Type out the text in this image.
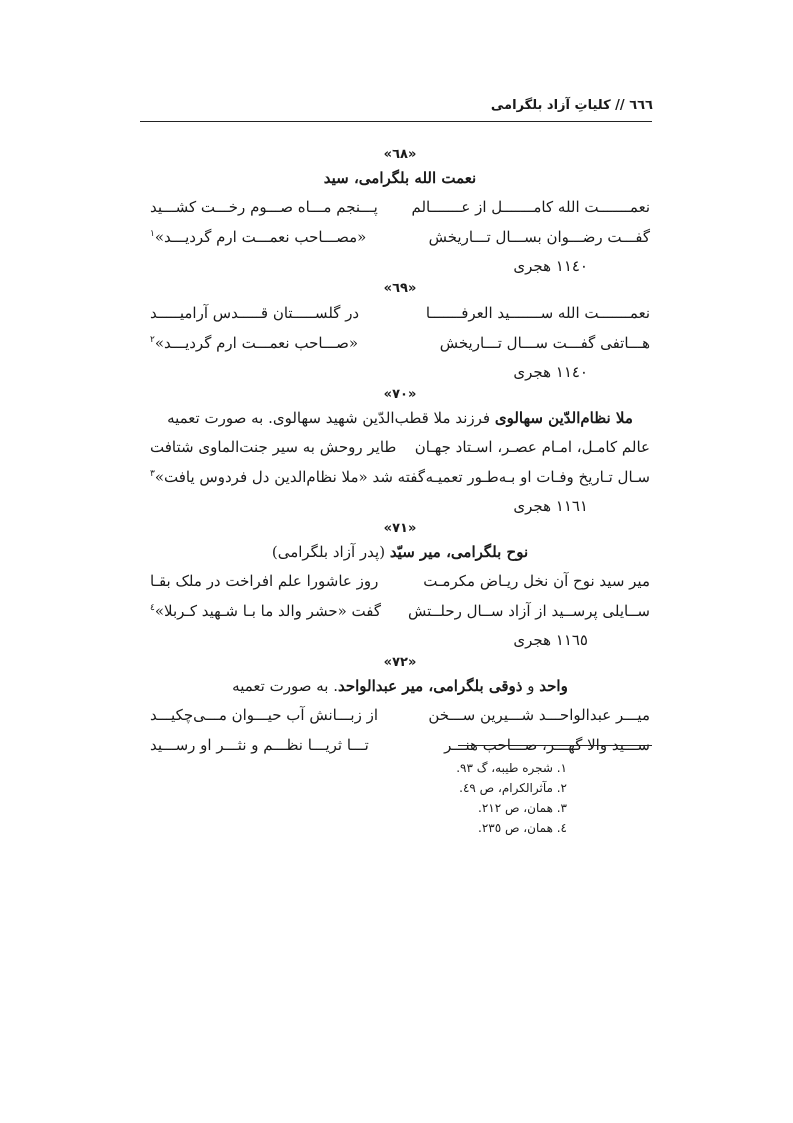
٦٦٦ // کلیاتِ آزاد بلگرامی
«٦٨»
نعمت الله بلگرامی، سید
نعمـــــــت الله کامـــــــل از عـــــــالم
پـــنجم مـــاه صـــوم رخـــت کشـــید
گفـــت رضـــوان بســـال تـــاریخش
«مصـــاحب نعمـــت ارم گردیـــد»$^١$
١١٤٠ هجری
«٦٩»
نعمـــــــت الله ســـــــید العرفـــــــا
در گلســـــتان قـــــدس آرامیـــــد
هـــاتفی گفـــت ســـال تـــاریخش
«صـــاحب نعمـــت ارم گردیـــد»$^٢$
١١٤٠ هجری
«٧٠»
ملا نظام‌الدّین سهالوی فرزند ملا قطب‌الدّین شهید سهالوی. به صورت تعمیه
عالم کامـل، امـام عصـر، اسـتاد جهـان
طایر روحش به سیر جنت‌الماوی شتافت
سـال تـاریخ وفـات او بـه‌طـور تعمیـه
گفته شد «ملا نظام‌الدین دل فردوس یافت»$^٣$
١١٦١ هجری
«٧١»
نوح بلگرامی، میر سیّد (پدر آزاد بلگرامی)
میر سید نوح آن نخل ریـاض مکرمـت
روز عاشورا علم افراخت در ملک بقـا
ســایلی پرســید از آزاد ســال رحلــتش
گفت «حشر والد ما بـا شـهید کـربلا»$^٤$
١١٦٥ هجری
«٧٢»
واحد و ذوقی بلگرامی، میر عبدالواحد. به صورت تعمیه
میـــر عبدالواحـــد شـــیرین ســـخن
از زبـــانش آب حیـــوان مـــی‌چکیـــد
ســـید والا گهـــر، صـــاحب هنـــر
تـــا ثریـــا نظـــم و نثـــر او رســـید
١. شجره طیبه، گ ٩٣.
٢. مآثرالکرام، ص ٤٩.
٣. همان، ص ٢١٢.
٤. همان، ص ٢٣٥.
